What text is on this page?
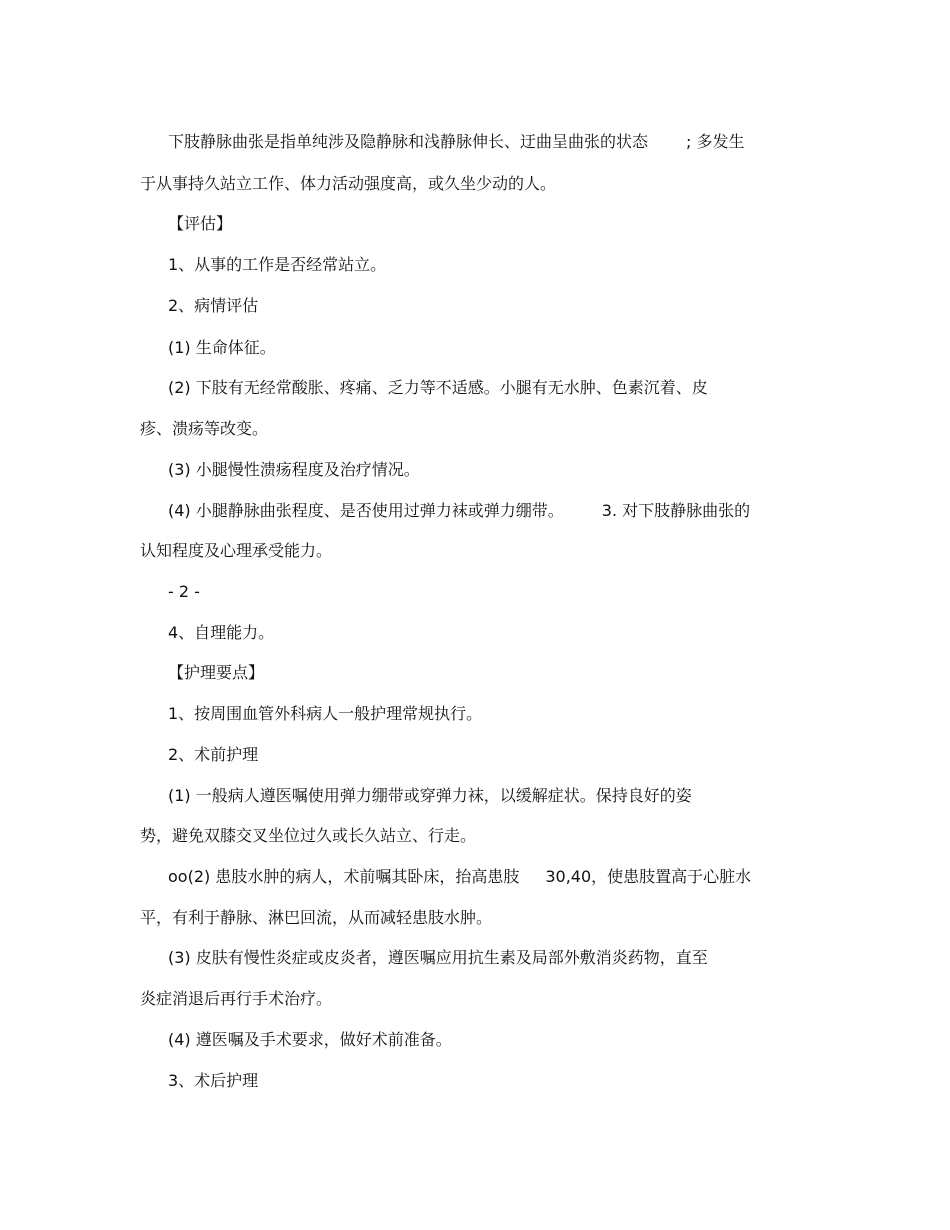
下肢静脉曲张是指单纯涉及隐静脉和浅静脉伸长、迂曲呈曲张的状态 ; 多发生
于从事持久站立工作、体力活动强度高，或久坐少动的人。
【评估】
1、从事的工作是否经常站立。
2、病情评估
(1) 生命体征。
(2) 下肢有无经常酸胀、疼痛、乏力等不适感。小腿有无水肿、色素沉着、皮
疹、溃疡等改变。
(3) 小腿慢性溃疡程度及治疗情况。
(4) 小腿静脉曲张程度、是否使用过弹力袜或弹力绷带。 3. 对下肢静脉曲张的
认知程度及心理承受能力。
- 2 -
4、自理能力。
【护理要点】
1、按周围血管外科病人一般护理常规执行。
2、术前护理
(1) 一般病人遵医嘱使用弹力绷带或穿弹力袜，以缓解症状。保持良好的姿
势，避免双膝交叉坐位过久或长久站立、行走。
oo(2) 患肢水肿的病人，术前嘱其卧床，抬高患肢 30,40，使患肢置高于心脏水
平，有利于静脉、淋巴回流，从而减轻患肢水肿。
(3) 皮肤有慢性炎症或皮炎者，遵医嘱应用抗生素及局部外敷消炎药物，直至
炎症消退后再行手术治疗。
(4) 遵医嘱及手术要求，做好术前准备。
3、术后护理
